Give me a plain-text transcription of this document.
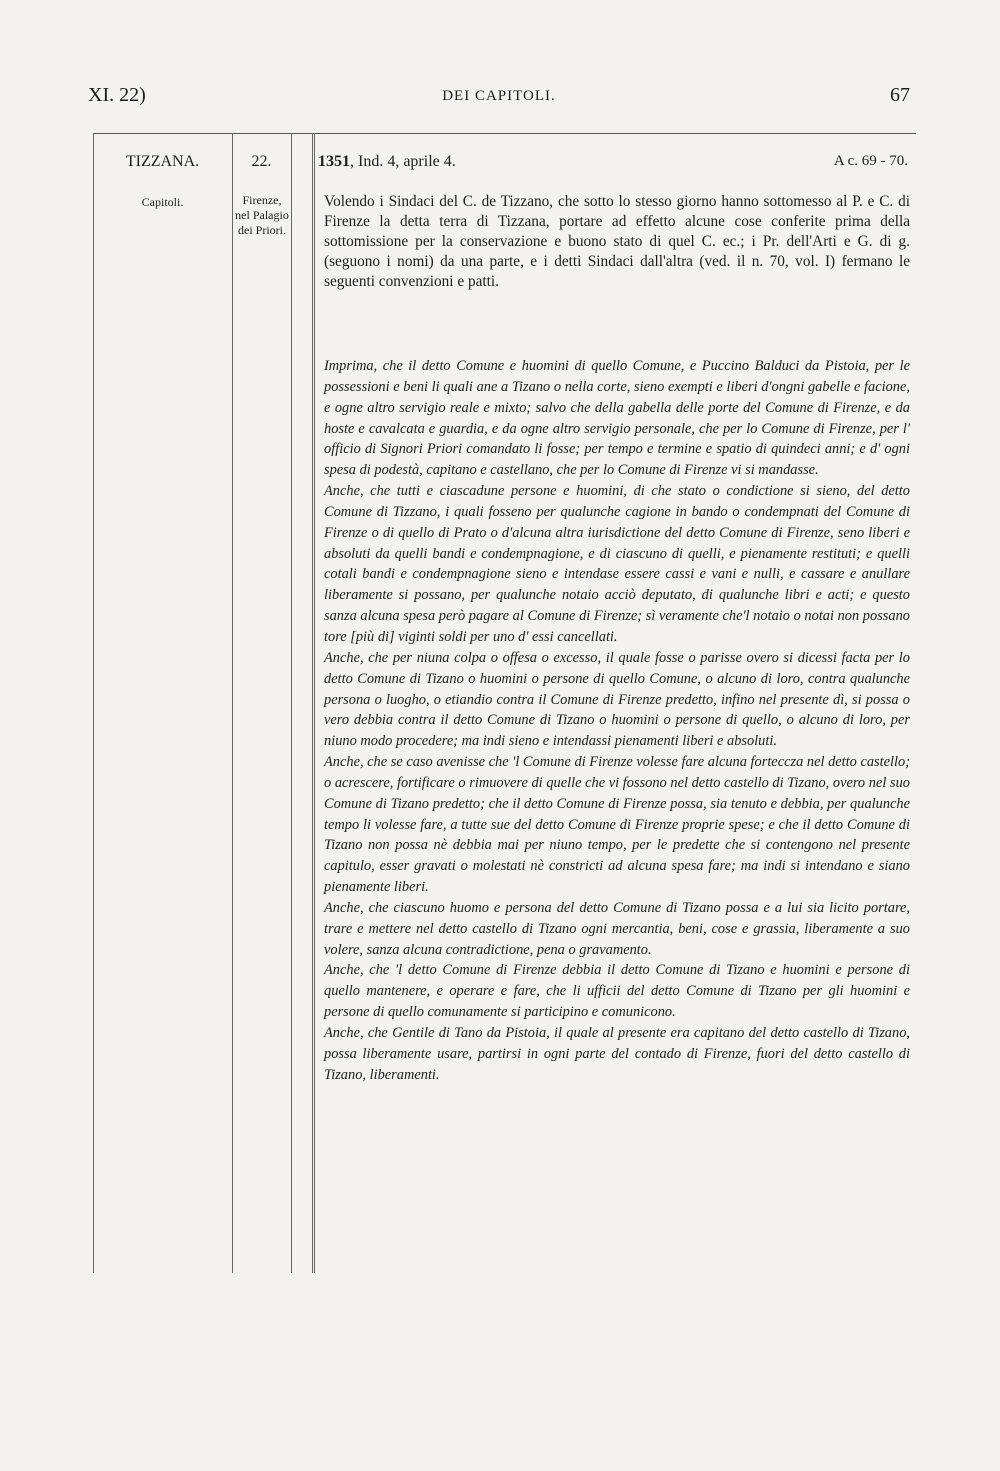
XI. 22)	DEI CAPITOLI.	67
TIZZANA.	22.	1351, Ind. 4, aprile 4.	A c. 69 - 70.
Capitoli.	Firenze,
nel Palagio
dei Priori.

Volendo i Sindaci del C. de Tizzano, che sotto lo stesso giorno hanno sottomesso al P. e C. di Firenze la detta terra di Tizzana, portare ad effetto alcune cose conferite prima della sottomissione per la conservazione e buono stato di quel C. ec.; i Pr. dell'Arti e G. di g. (seguono i nomi) da una parte, e i detti Sindaci dall'altra (ved. il n. 70, vol. I) fermano le seguenti convenzioni e patti.

Imprima, che il detto Comune e huomini di quello Comune, e Puccino Balduci da Pistoia, per le possessioni e beni li quali ane a Tizano o nella corte, sieno exempti e liberi d'ongni gabelle e facione, e ogne altro servigio reale e mixto; salvo che della gabella delle porte del Comune di Firenze, e da hoste e cavalcata e guardia, e da ogne altro servigio personale, che per lo Comune di Firenze, per l' officio di Signori Priori comandato li fosse; per tempo e termine e spatio di quindeci anni; e d' ogni spesa di podestà, capitano e castellano, che per lo Comune di Firenze vi si mandasse.

Anche, che tutti e ciascadune persone e huomini, di che stato o condictione si sieno, del detto Comune di Tizzano, i quali fosseno per qualunche cagione in bando o condempnati del Comune di Firenze o di quello di Prato o d'alcuna altra iurisdictione del detto Comune di Firenze, seno liberi e absoluti da quelli bandi e condempnagione, e di ciascuno di quelli, e pienamente restituti; e quelli cotali bandi e condempnagione sieno e intendase essere cassi e vani e nulli, e cassare e anullare liberamente si possano, per qualunche notaio acciò deputato, di qualunche libri e acti; e questo sanza alcuna spesa però pagare al Comune di Firenze; sì veramente che'l notaio o notai non possano tore [più di] viginti soldi per uno d' essi cancellati.

Anche, che per niuna colpa o offesa o excesso, il quale fosse o parisse overo si dicessi facta per lo detto Comune di Tizano o huomini o persone di quello Comune, o alcuno di loro, contra qualunche persona o luogho, o etiandio contra il Comune di Firenze predetto, infino nel presente dì, si possa o vero debbia contra il detto Comune di Tizano o huomini o persone di quello, o alcuno di loro, per niuno modo procedere; ma indi sieno e intendassi pienamenti liberi e absoluti.

Anche, che se caso avenisse che 'l Comune di Firenze volesse fare alcuna forteccza nel detto castello; o acrescere, fortificare o rimuovere di quelle che vi fossono nel detto castello di Tizano, overo nel suo Comune di Tizano predetto; che il detto Comune di Firenze possa, sia tenuto e debbia, per qualunche tempo li volesse fare, a tutte sue del detto Comune di Firenze proprie spese; e che il detto Comune di Tizano non possa nè debbia mai per niuno tempo, per le predette che si contengono nel presente capitulo, esser gravati o molestati nè constricti ad alcuna spesa fare; ma indi si intendano e siano pienamente liberi.

Anche, che ciascuno huomo e persona del detto Comune di Tizano possa e a lui sia licito portare, trare e mettere nel detto castello di Tizano ogni mercantia, beni, cose e grassia, liberamente a suo volere, sanza alcuna contradictione, pena o gravamento.

Anche, che 'l detto Comune di Firenze debbia il detto Comune di Tizano e huomini e persone di quello mantenere, e operare e fare, che li ufficii del detto Comune di Tizano per gli huomini e persone di quello comunamente si participino e comunicono.

Anche, che Gentile di Tano da Pistoia, il quale al presente era capitano del detto castello di Tizano, possa liberamente usare, partirsi in ogni parte del contado di Firenze, fuori del detto castello di Tizano, liberamenti.
